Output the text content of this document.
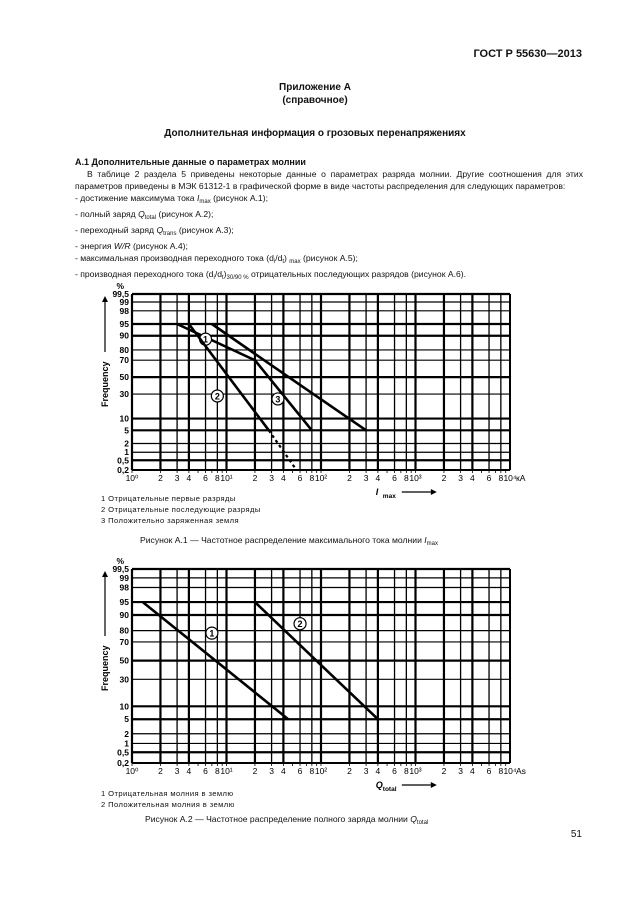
ГОСТ Р 55630—2013
Приложение А
(справочное)
Дополнительная информация о грозовых перенапряжениях
А.1 Дополнительные данные о параметрах молнии

В таблице 2 раздела 5 приведены некоторые данные о параметрах разряда молнии. Другие соотношения для этих параметров приведены в МЭК 61312-1 в графической форме в виде частоты распределения для следующих параметров:

- достижение максимума тока $I_{max}$ (рисунок А.1);
- полный заряд $Q_{total}$ (рисунок А.2);
- переходный заряд $Q_{trans}$ (рисунок А.3);
- энергия W/R (рисунок А.4);
- максимальная производная переходного тока $(d_i/d_t)$ $_{max}$ (рисунок А.5);
- производная переходного тока $(d_i/d_t)_{30/90 \%}$ отрицательных последующих разрядов (рисунок А.6).
99,5
99
98
95
90
80
70
50
30
10
5
2
1
0,5
0,2
%
10⁰ 2 3 4 6 8 10¹ 2 3 4 6 8 10² 2 3 4 6 8 10³ 2 3 4 6 8 10⁴ кА
I max
Frequency
1
2	3
1 Отрицательные первые разряды
2 Отрицательные последующие разряды
3 Положительно заряженная земля
Рисунок А.1 — Частотное распределение максимального тока молнии $I_{max}$
99,5
99
98
95
90
80
70
50
30
10
5
2
1
0,5
0,2
%
10⁰ 2 3 4 6 8 10¹ 2 3 4 6 8 10² 2 3 4 6 8 10³ 2 3 4 6 8 10⁴ As
Q total
Frequency
1
2
1 Отрицательная молния в землю
2 Положительная молния в землю
Рисунок А.2 — Частотное распределение полного заряда молнии $Q_{total}$
51
